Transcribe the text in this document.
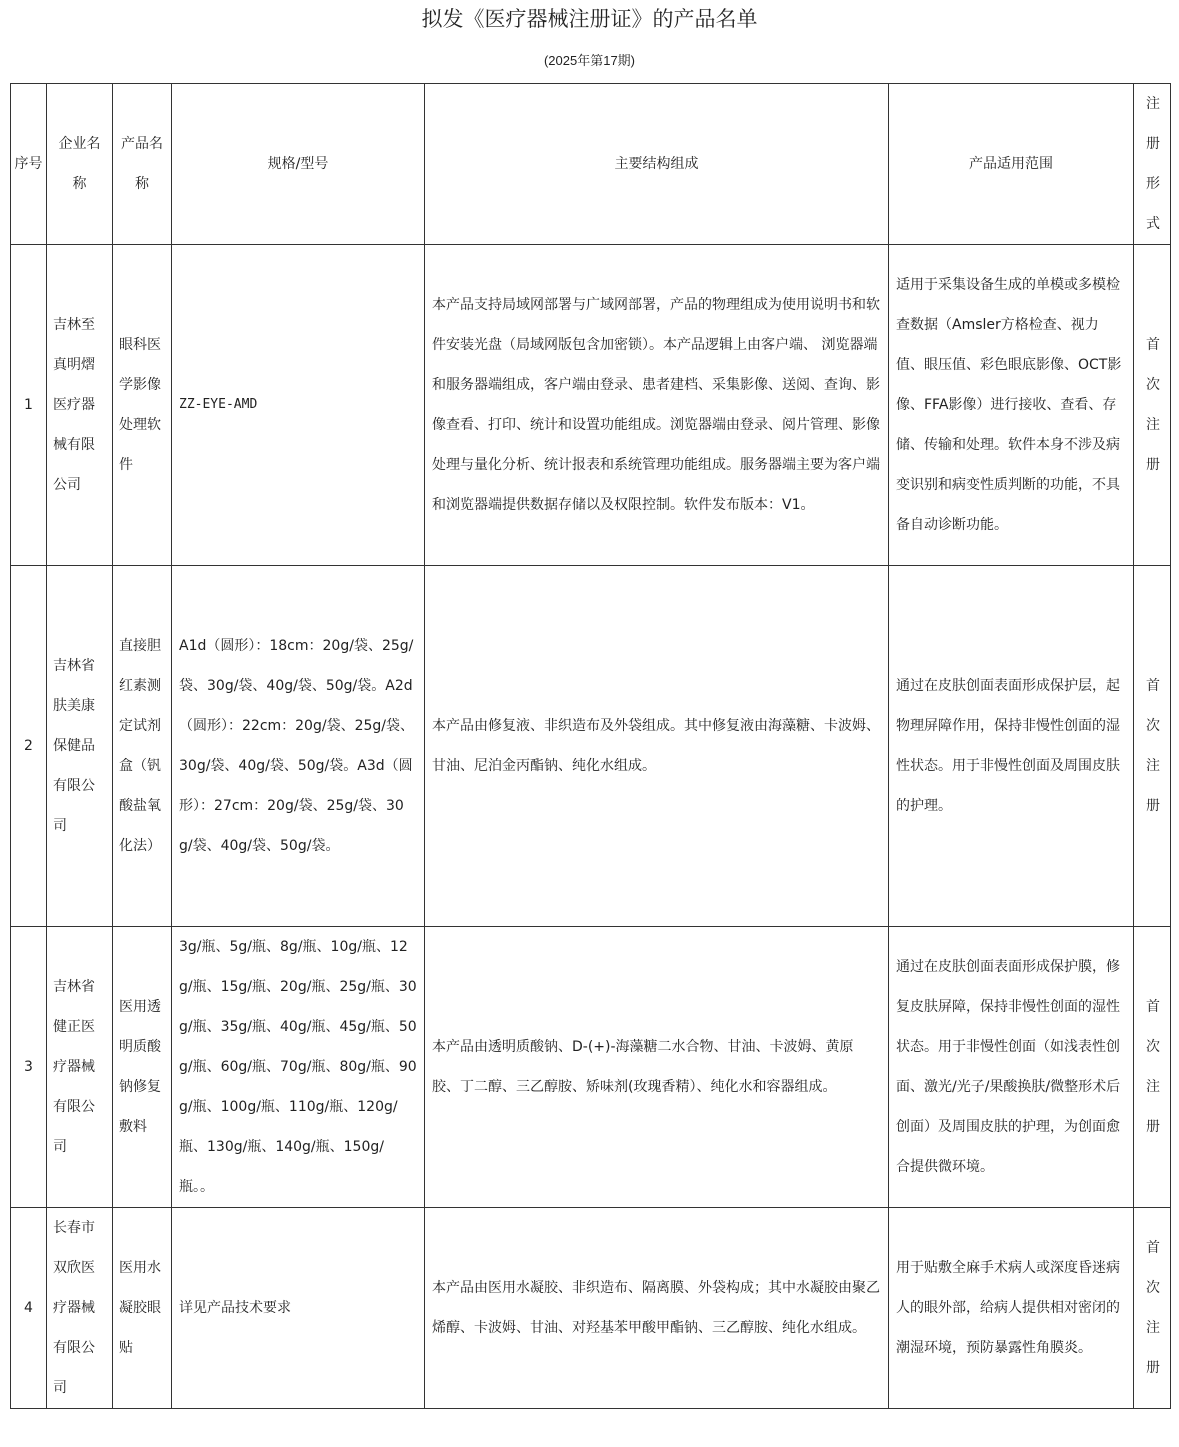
拟发《医疗器械注册证》的产品名单
(2025年第17期)
序号	企业名称	产品名称	规格/型号	主要结构组成	产品适用范围	注册形式
1	吉林至真明熠医疗器械有限公司	眼科医学影像处理软件	ZZ-EYE-AMD	本产品支持局域网部署与广域网部署，产品的物理组成为使用说明书和软件安装光盘（局域网版包含加密锁）。本产品逻辑上由客户端、 浏览器端和服务器端组成，客户端由登录、患者建档、采集影像、送阅、查询、影像查看、打印、统计和设置功能组成。浏览器端由登录、阅片管理、影像处理与量化分析、统计报表和系统管理功能组成。服务器端主要为客户端和浏览器端提供数据存储以及权限控制。软件发布版本：V1。	适用于采集设备生成的单模或多模检查数据（Amsler方格检查、视力值、眼压值、彩色眼底影像、OCT影像、FFA影像）进行接收、查看、存储、传输和处理。软件本身不涉及病变识别和病变性质判断的功能，不具备自动诊断功能。	首次注册
2	吉林省肤美康保健品有限公司	直接胆红素测定试剂盒（钒酸盐氧化法）	A1d（圆形）：18cm：20g/袋、25g/袋、30g/袋、40g/袋、50g/袋。A2d（圆形）：22cm：20g/袋、25g/袋、30g/袋、40g/袋、50g/袋。A3d（圆形）：27cm：20g/袋、25g/袋、30g/袋、40g/袋、50g/袋。	本产品由修复液、非织造布及外袋组成。其中修复液由海藻糖、卡波姆、甘油、尼泊金丙酯钠、纯化水组成。	通过在皮肤创面表面形成保护层，起物理屏障作用，保持非慢性创面的湿性状态。用于非慢性创面及周围皮肤的护理。	首次注册
3	吉林省健正医疗器械有限公司	医用透明质酸钠修复敷料	3g/瓶、5g/瓶、8g/瓶、10g/瓶、12g/瓶、15g/瓶、20g/瓶、25g/瓶、30g/瓶、35g/瓶、40g/瓶、45g/瓶、50g/瓶、60g/瓶、70g/瓶、80g/瓶、90g/瓶、100g/瓶、110g/瓶、120g/瓶、130g/瓶、140g/瓶、150g/瓶。。	本产品由透明质酸钠、D-(+)-海藻糖二水合物、甘油、卡波姆、黄原胶、丁二醇、三乙醇胺、矫味剂(玫瑰香精）、纯化水和容器组成。	通过在皮肤创面表面形成保护膜，修复皮肤屏障，保持非慢性创面的湿性状态。用于非慢性创面（如浅表性创面、激光/光子/果酸换肤/微整形术后创面）及周围皮肤的护理，为创面愈合提供微环境。	首次注册
4	长春市双欣医疗器械有限公司	医用水凝胶眼贴	详见产品技术要求	本产品由医用水凝胶、非织造布、隔离膜、外袋构成；其中水凝胶由聚乙烯醇、卡波姆、甘油、对羟基苯甲酸甲酯钠、三乙醇胺、纯化水组成。	用于贴敷全麻手术病人或深度昏迷病人的眼外部，给病人提供相对密闭的潮湿环境，预防暴露性角膜炎。	首次注册
